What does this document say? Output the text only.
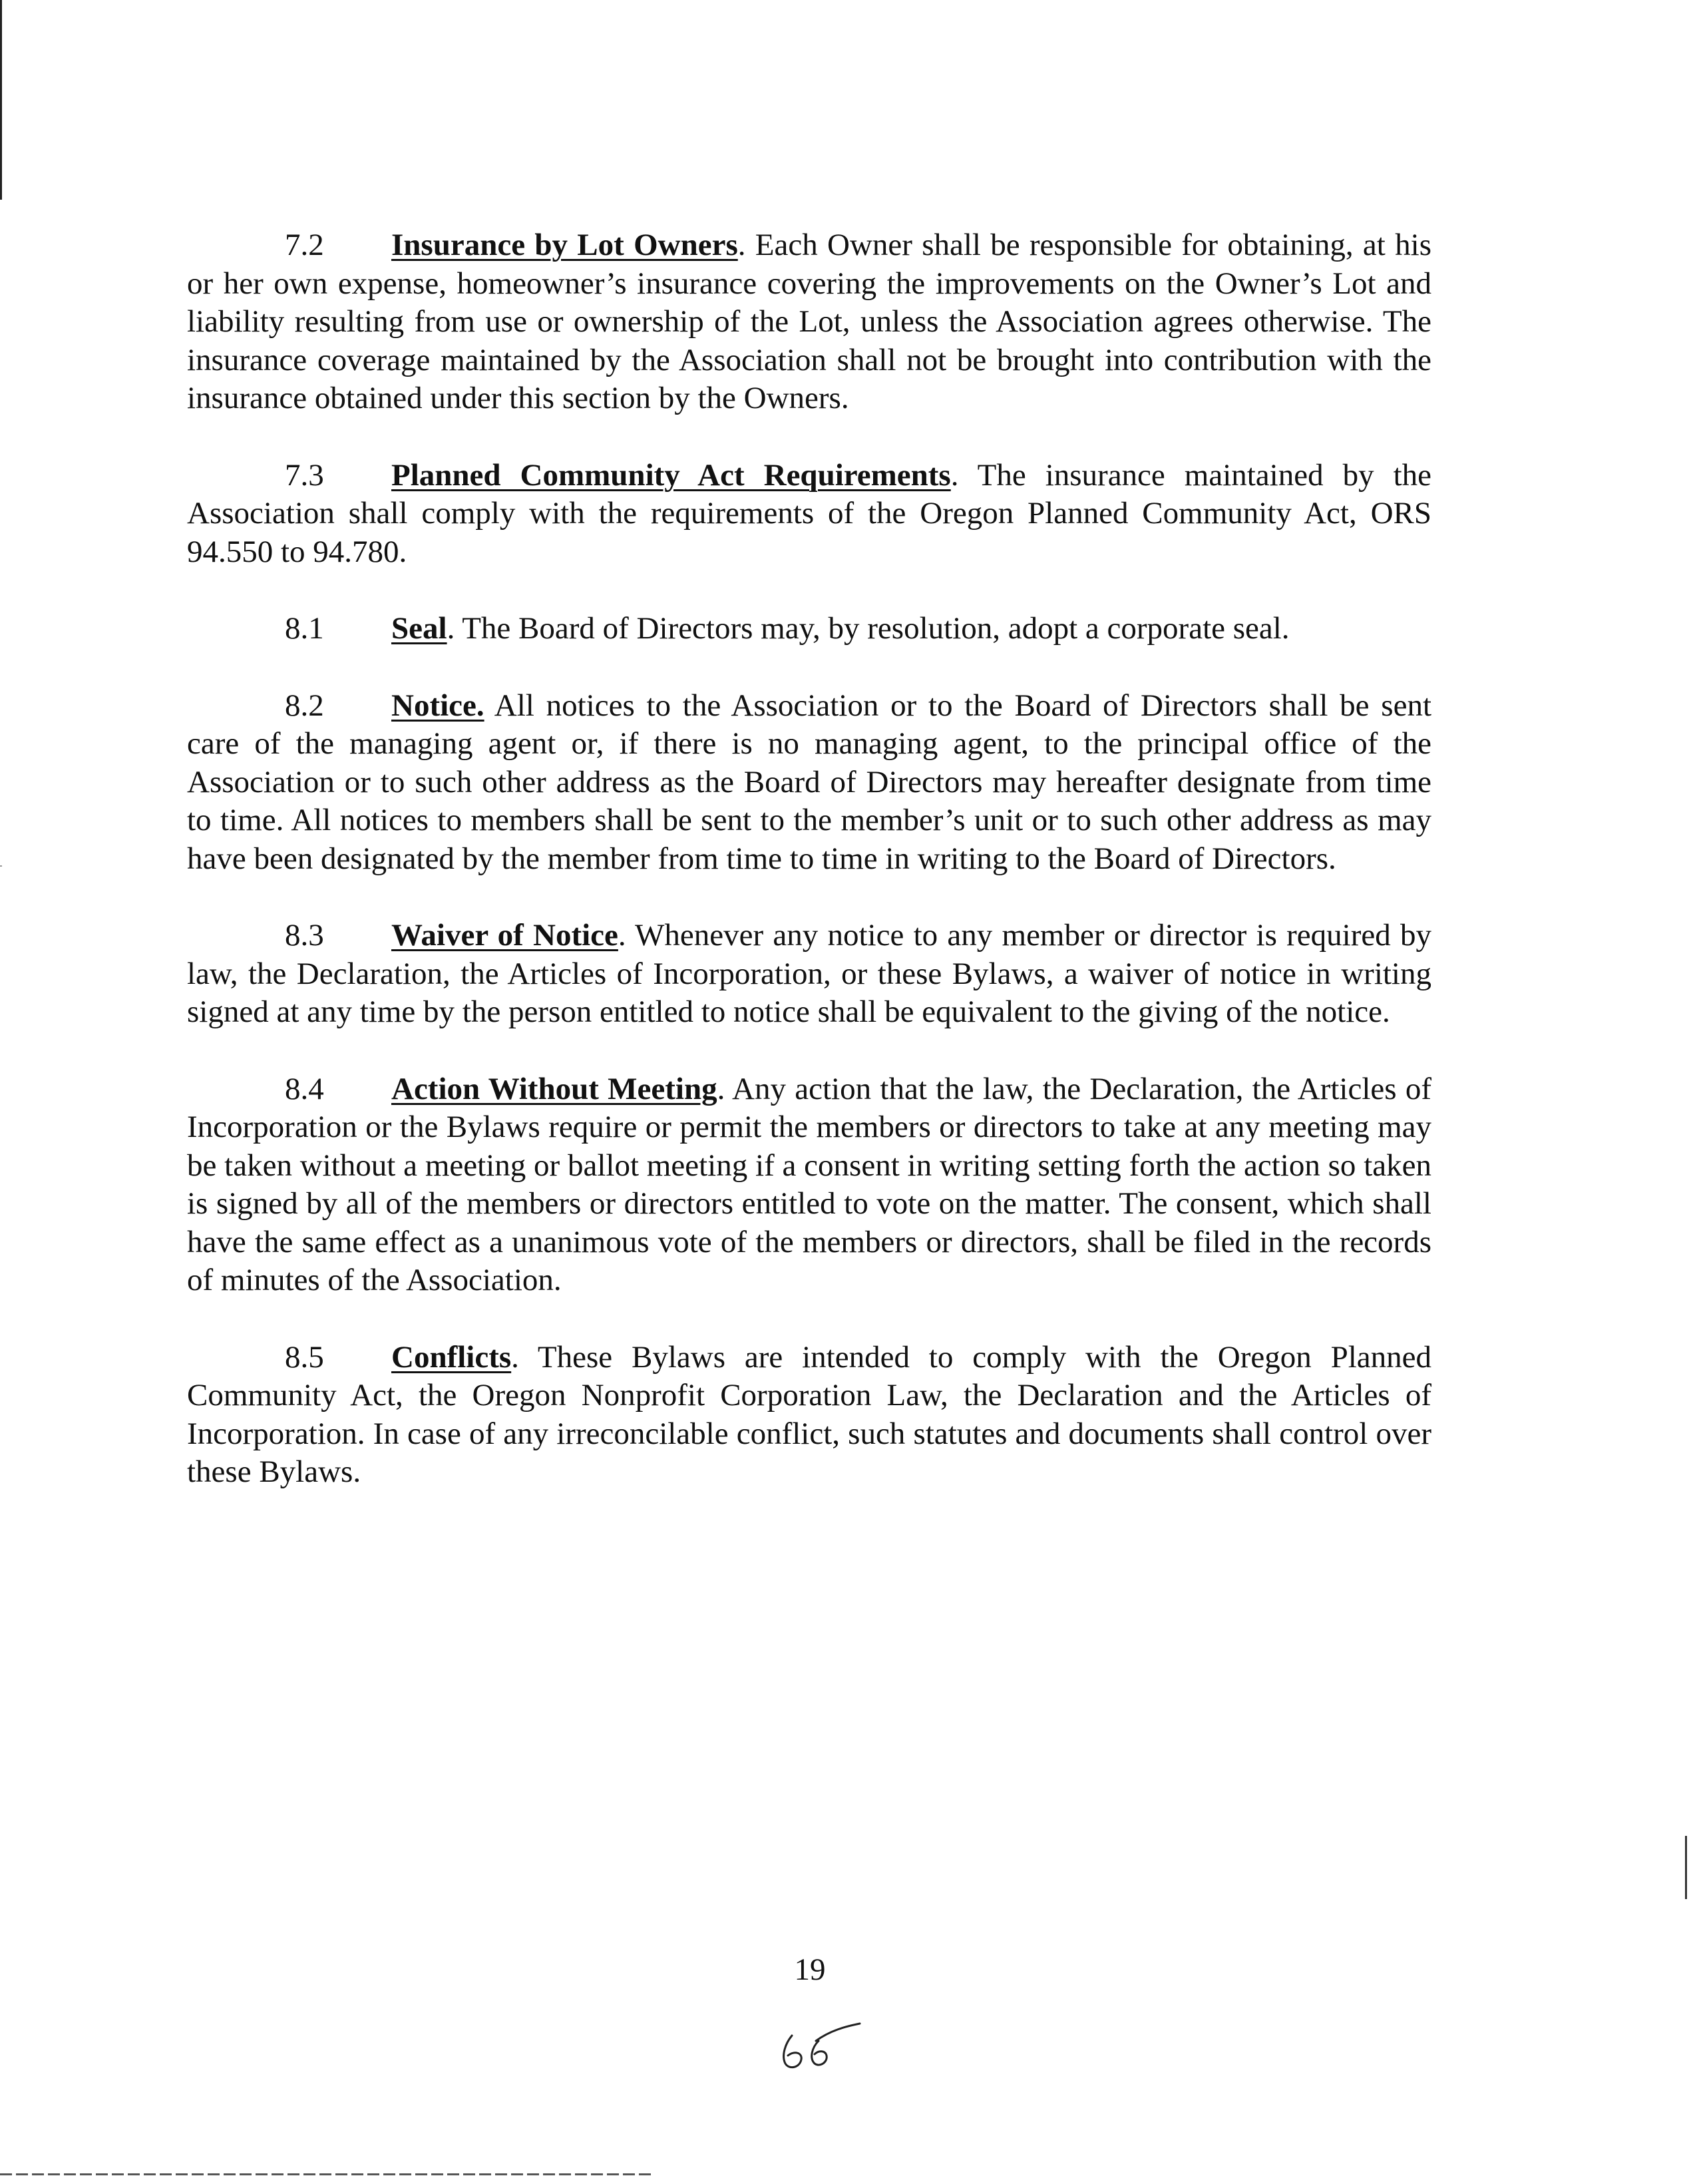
7.2 Insurance by Lot Owners. Each Owner shall be responsible for obtaining, at his or her own expense, homeowner’s insurance covering the improvements on the Owner’s Lot and liability resulting from use or ownership of the Lot, unless the Association agrees otherwise. The insurance coverage maintained by the Association shall not be brought into contribution with the insurance obtained under this section by the Owners.

7.3 Planned Community Act Requirements. The insurance maintained by the Association shall comply with the requirements of the Oregon Planned Community Act, ORS 94.550 to 94.780.

8.1 Seal. The Board of Directors may, by resolution, adopt a corporate seal.

8.2 Notice. All notices to the Association or to the Board of Directors shall be sent care of the managing agent or, if there is no managing agent, to the principal office of the Association or to such other address as the Board of Directors may hereafter designate from time to time. All notices to members shall be sent to the member’s unit or to such other address as may have been designated by the member from time to time in writing to the Board of Directors.

8.3 Waiver of Notice. Whenever any notice to any member or director is required by law, the Declaration, the Articles of Incorporation, or these Bylaws, a waiver of notice in writing signed at any time by the person entitled to notice shall be equivalent to the giving of the notice.

8.4 Action Without Meeting. Any action that the law, the Declaration, the Articles of Incorporation or the Bylaws require or permit the members or directors to take at any meeting may be taken without a meeting or ballot meeting if a consent in writing setting forth the action so taken is signed by all of the members or directors entitled to vote on the matter. The consent, which shall have the same effect as a unanimous vote of the members or directors, shall be filed in the records of minutes of the Association.

8.5 Conflicts. These Bylaws are intended to comply with the Oregon Planned Community Act, the Oregon Nonprofit Corporation Law, the Declaration and the Articles of Incorporation. In case of any irreconcilable conflict, such statutes and documents shall control over these Bylaws.

19
